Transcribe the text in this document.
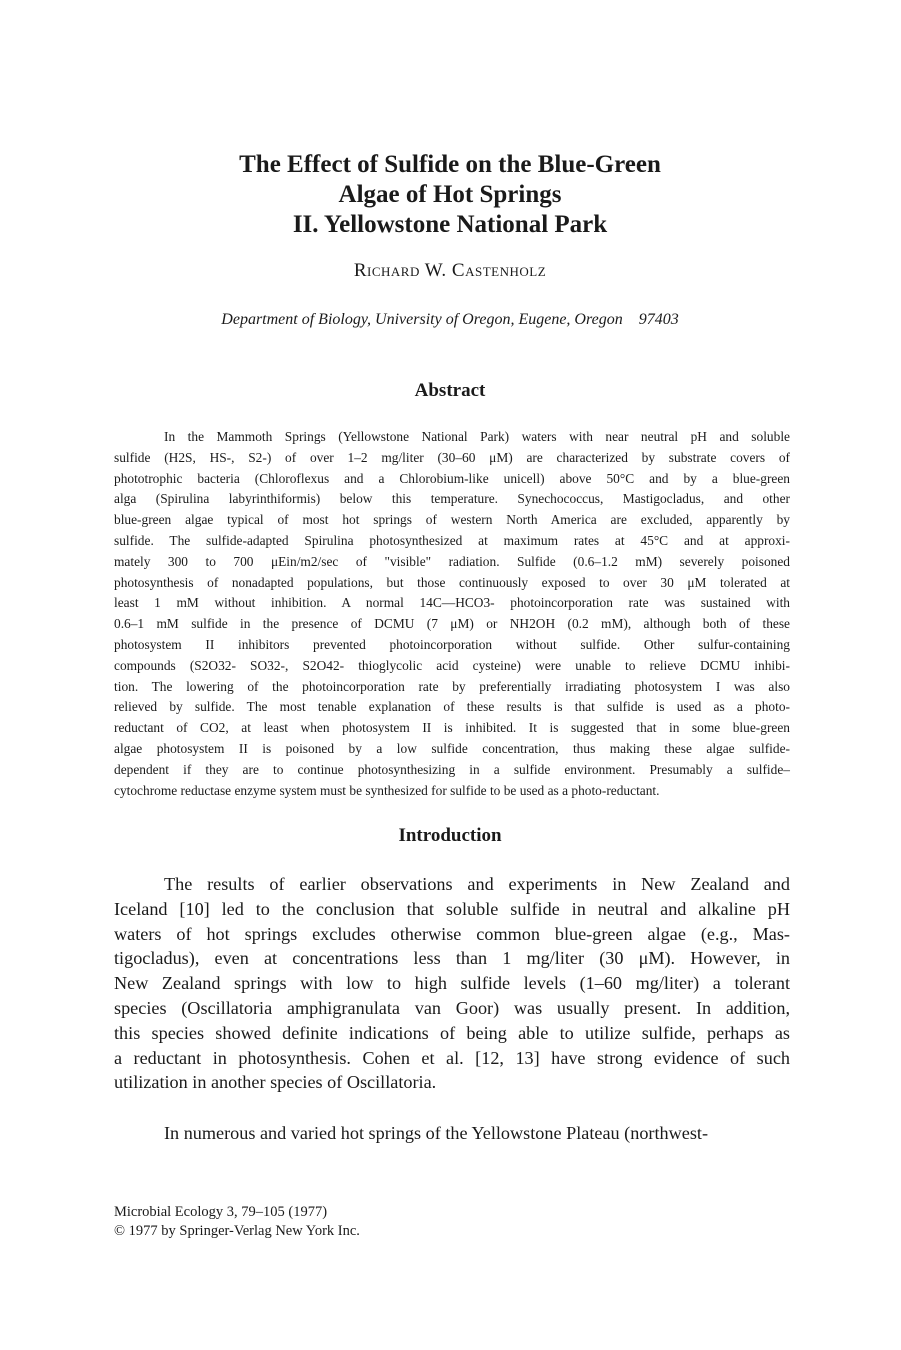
The Effect of Sulfide on the Blue-Green
Algae of Hot Springs
II. Yellowstone National Park
Richard W. Castenholz
Department of Biology, University of Oregon, Eugene, Oregon 97403
Abstract
In the Mammoth Springs (Yellowstone National Park) waters with near neutral pH and soluble
sulfide (H2S, HS-, S2-) of over 1–2 mg/liter (30–60 μM) are characterized by substrate covers of
phototrophic bacteria (Chloroflexus and a Chlorobium-like unicell) above 50°C and by a blue-green
alga (Spirulina labyrinthiformis) below this temperature. Synechococcus, Mastigocladus, and other
blue-green algae typical of most hot springs of western North America are excluded, apparently by
sulfide. The sulfide-adapted Spirulina photosynthesized at maximum rates at 45°C and at approxi-
mately 300 to 700 μEin/m2/sec of "visible" radiation. Sulfide (0.6–1.2 mM) severely poisoned
photosynthesis of nonadapted populations, but those continuously exposed to over 30 μM tolerated at
least 1 mM without inhibition. A normal 14C—HCO3- photoincorporation rate was sustained with
0.6–1 mM sulfide in the presence of DCMU (7 μM) or NH2OH (0.2 mM), although both of these
photosystem II inhibitors prevented photoincorporation without sulfide. Other sulfur-containing
compounds (S2O32- SO32-, S2O42- thioglycolic acid cysteine) were unable to relieve DCMU inhibi-
tion. The lowering of the photoincorporation rate by preferentially irradiating photosystem I was also
relieved by sulfide. The most tenable explanation of these results is that sulfide is used as a photo-
reductant of CO2, at least when photosystem II is inhibited. It is suggested that in some blue-green
algae photosystem II is poisoned by a low sulfide concentration, thus making these algae sulfide-
dependent if they are to continue photosynthesizing in a sulfide environment. Presumably a sulfide–
cytochrome reductase enzyme system must be synthesized for sulfide to be used as a photo-reductant.
Introduction
The results of earlier observations and experiments in New Zealand and
Iceland [10] led to the conclusion that soluble sulfide in neutral and alkaline pH
waters of hot springs excludes otherwise common blue-green algae (e.g., Mas-
tigocladus), even at concentrations less than 1 mg/liter (30 μM). However, in
New Zealand springs with low to high sulfide levels (1–60 mg/liter) a tolerant
species (Oscillatoria amphigranulata van Goor) was usually present. In addition,
this species showed definite indications of being able to utilize sulfide, perhaps as
a reductant in photosynthesis. Cohen et al. [12, 13] have strong evidence of such
utilization in another species of Oscillatoria.
In numerous and varied hot springs of the Yellowstone Plateau (northwest-
Microbial Ecology 3, 79–105 (1977)
© 1977 by Springer-Verlag New York Inc.
